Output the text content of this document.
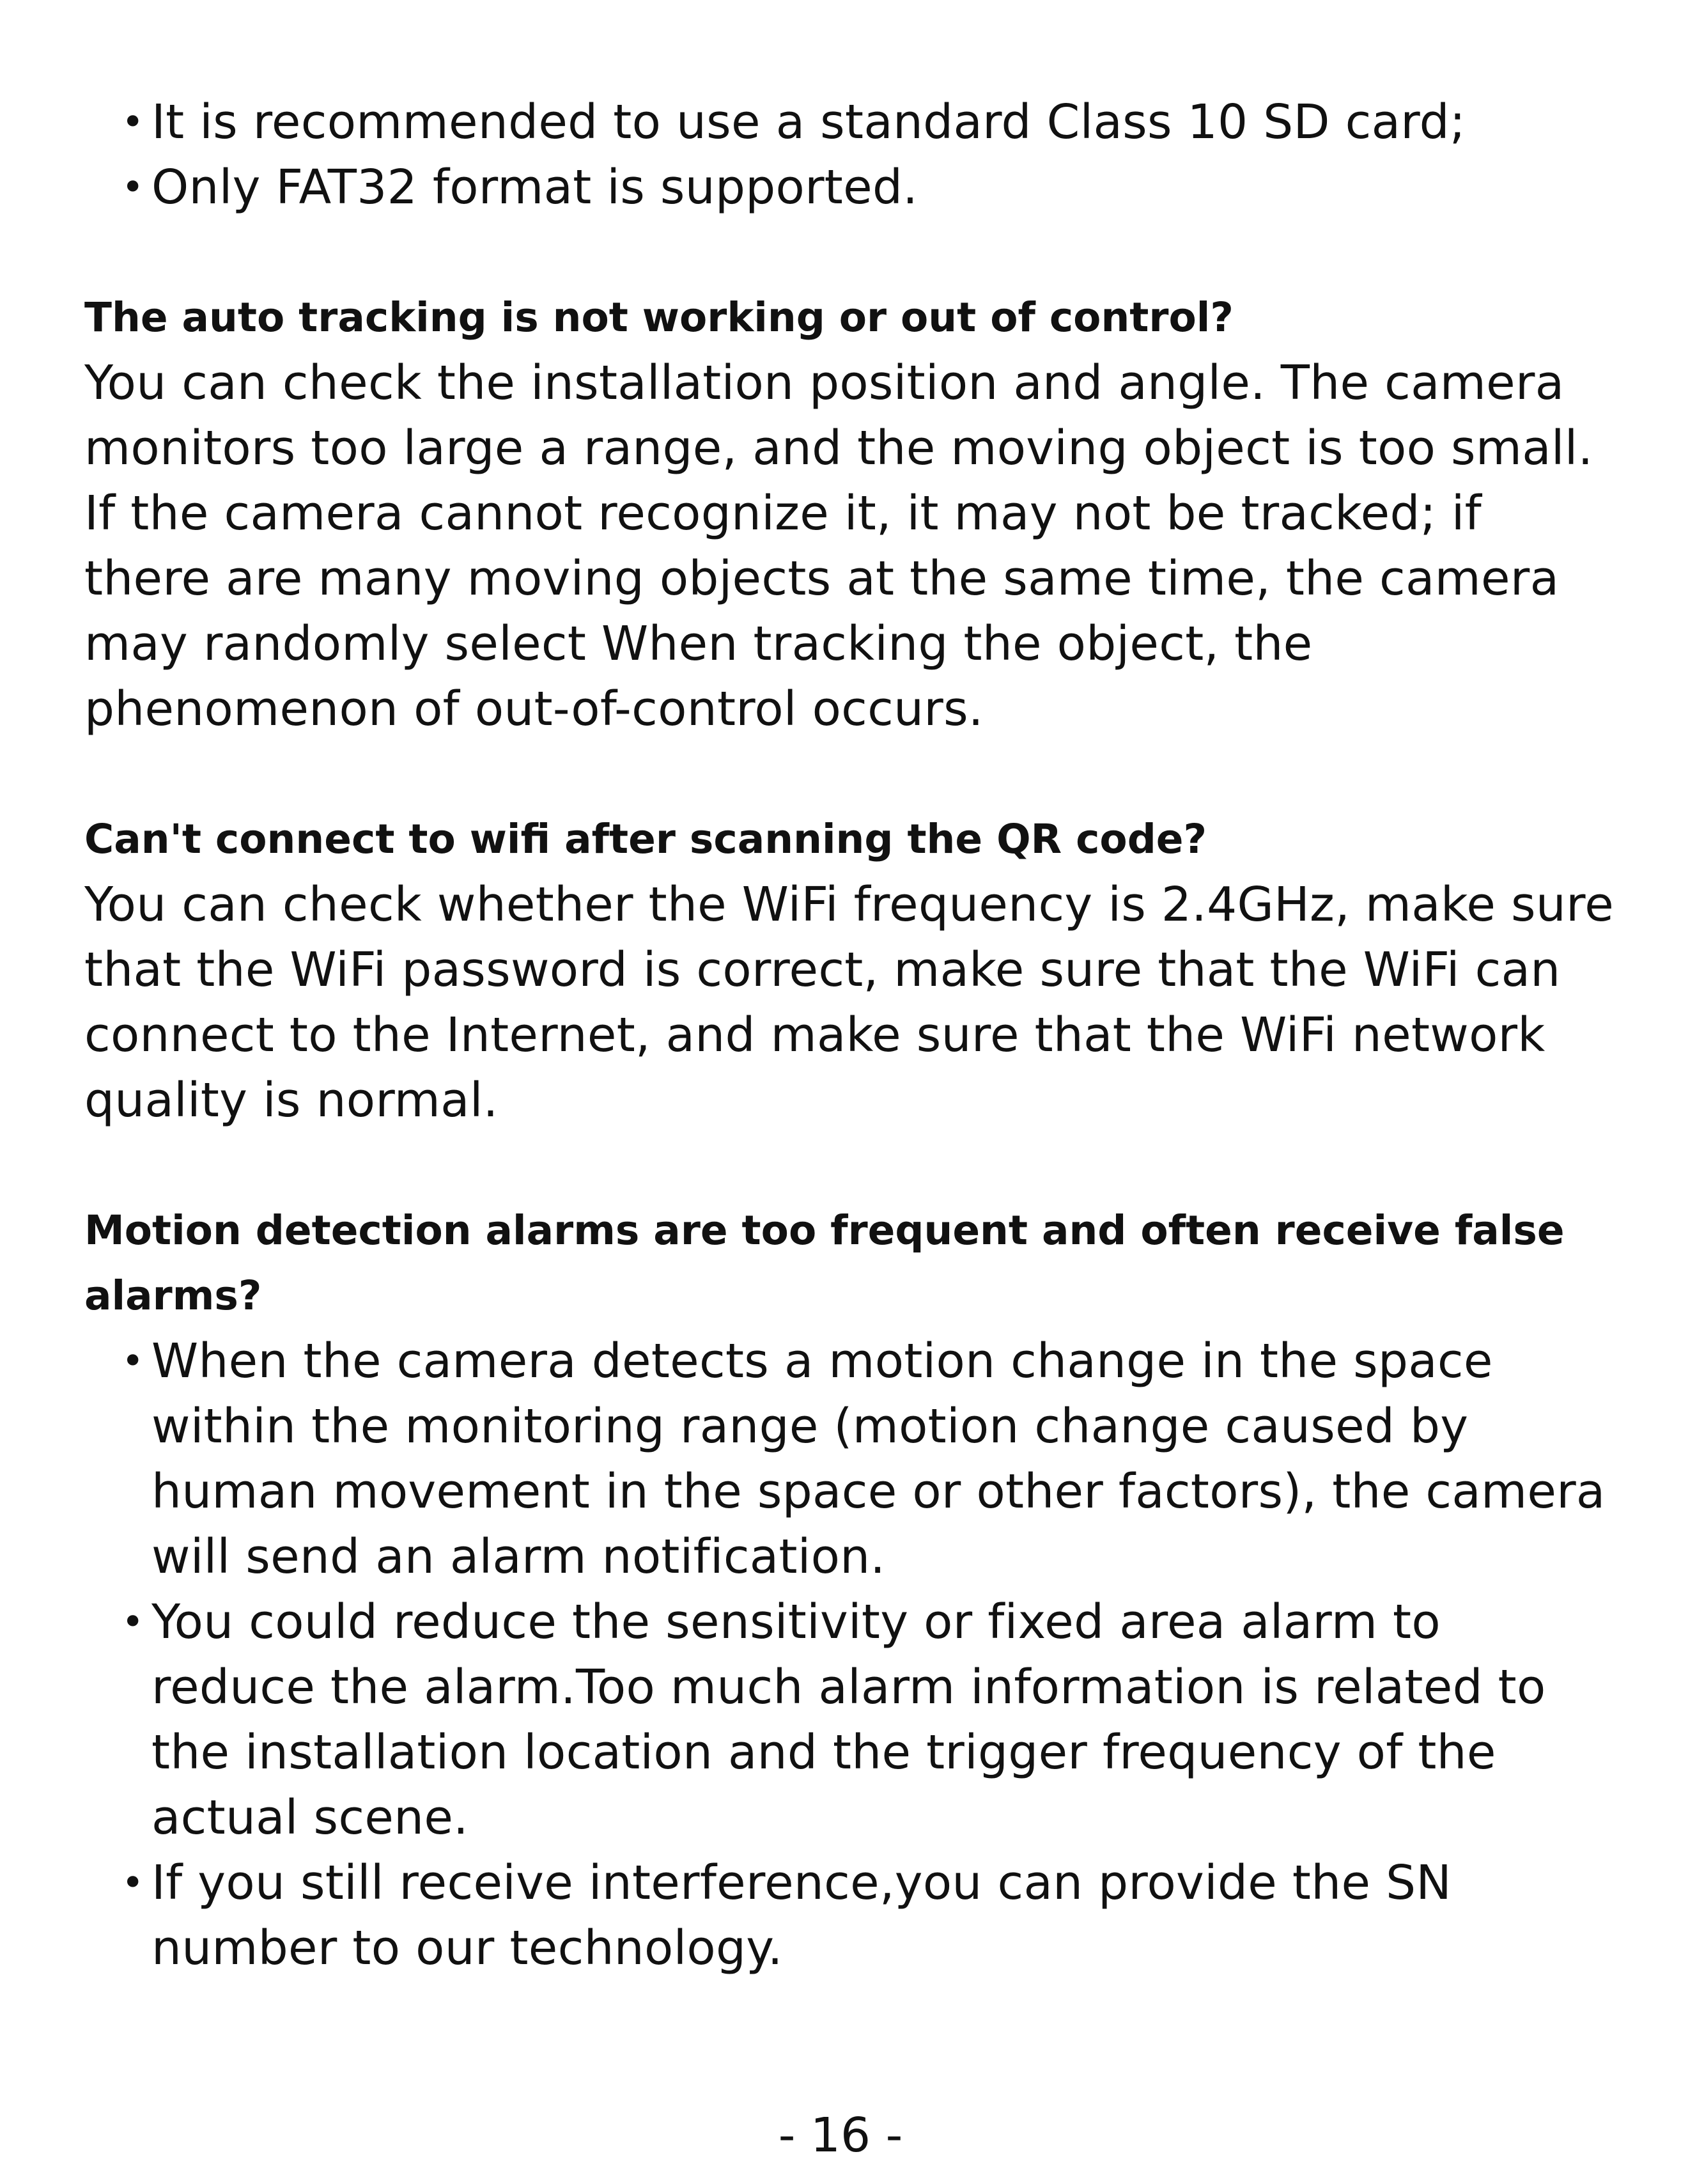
• It is recommended to use a standard Class 10 SD card;
• Only FAT32 format is supported.
The auto tracking is not working or out of control?

You can check the installation position and angle. The camera monitors too large a range, and the moving object is too small. If the camera cannot recognize it, it may not be tracked; if there are many moving objects at the same time, the camera may randomly select When tracking the object, the phenomenon of out-of-control occurs.

Can't connect to wifi after scanning the QR code?

You can check whether the WiFi frequency is 2.4GHz, make sure that the WiFi password is correct, make sure that the WiFi can connect to the Internet, and make sure that the WiFi network quality is normal.

Motion detection alarms are too frequent and often receive false alarms?
• When the camera detects a motion change in the space within the monitoring range (motion change caused by human movement in the space or other factors), the camera will send an alarm notification.
• You could reduce the sensitivity or fixed area alarm to reduce the alarm.Too much alarm information is related to the installation location and the trigger frequency of the actual scene.
• If you still receive interference,you can provide the SN number to our technology.
- 16 -
